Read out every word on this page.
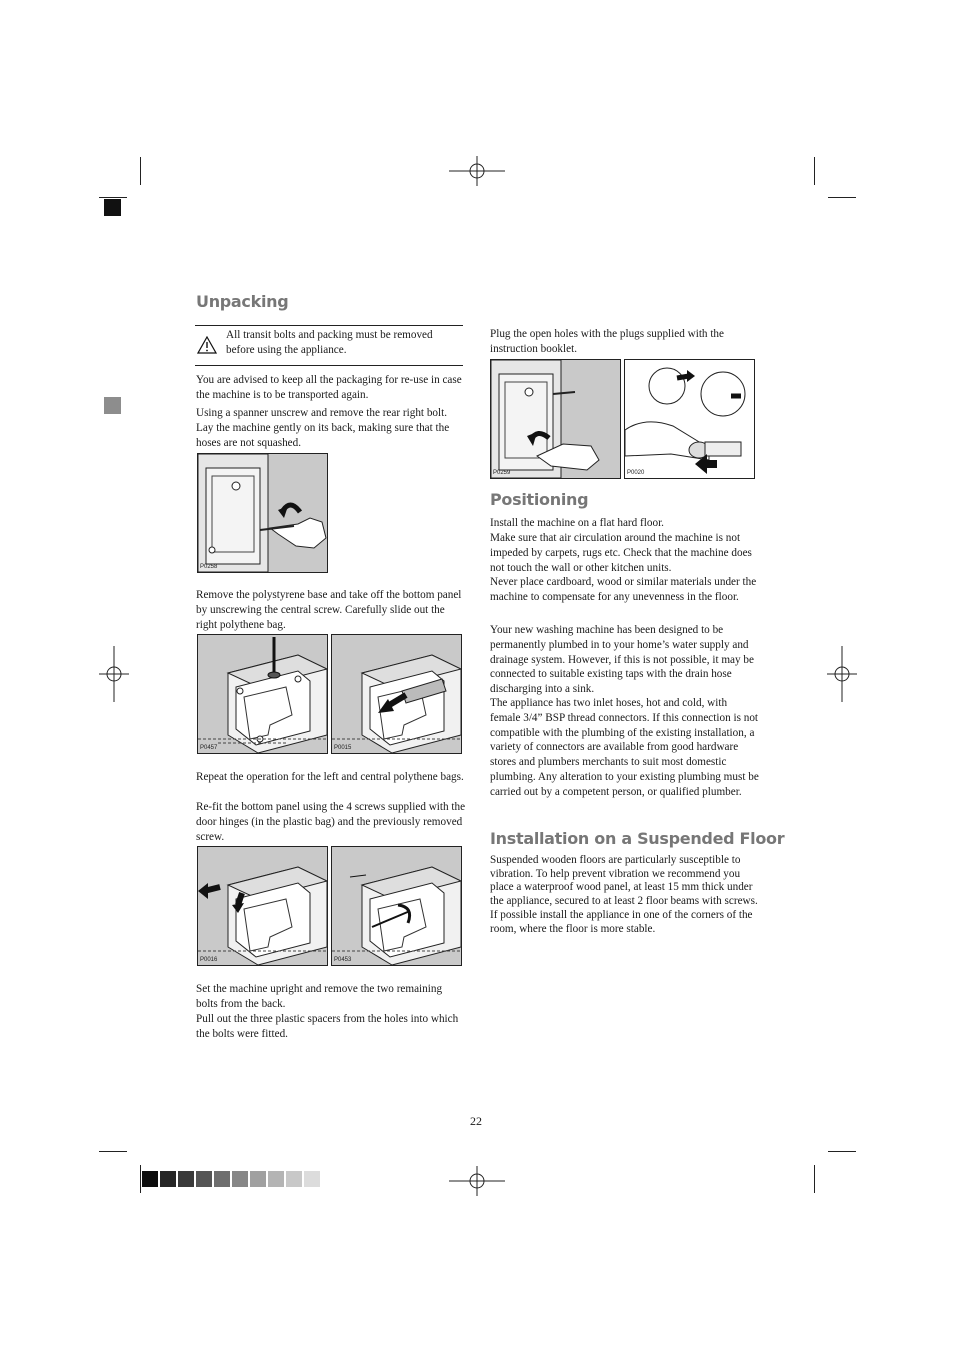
Unpacking
All transit bolts and packing must be removed before using the appliance.
You are advised to keep all the packaging for re-use in case the machine is to be transported again.
Using a spanner unscrew and remove the rear right bolt. Lay the machine gently on its back, making sure that the hoses are not squashed.
P0258
Remove the polystyrene base and take off the bottom panel by unscrewing the central screw. Carefully slide out the right polythene bag.
P0457	P0015
Repeat the operation for the left and central polythene bags.
Re-fit the bottom panel using the 4 screws supplied with the door hinges (in the plastic bag) and the previously removed screw.
P0016	P0453
Set the machine upright and remove the two remaining bolts from the back.
Pull out the three plastic spacers from the holes into which the bolts were fitted.
Plug the open holes with the plugs supplied with the instruction booklet.
P0259	P0020
Positioning
Install the machine on a flat hard floor.
Make sure that air circulation around the machine is not impeded by carpets, rugs etc. Check that the machine does not touch the wall or other kitchen units.
Never place cardboard, wood or similar materials under the machine to compensate for any unevenness in the floor.
Your new washing machine has been designed to be permanently plumbed in to your home’s water supply and drainage system. However, if this is not possible, it may be connected to suitable existing taps with the drain hose discharging into a sink.
The appliance has two inlet hoses, hot and cold, with female 3/4” BSP thread connectors. If this connection is not compatible with the plumbing of the existing installation, a variety of connectors are available from good hardware stores and plumbers merchants to suit most domestic plumbing. Any alteration to your existing plumbing must be carried out by a competent person, or qualified plumber.
Installation on a Suspended Floor
Suspended wooden floors are particularly susceptible to vibration. To help prevent vibration we recommend you place a waterproof wood panel, at least 15 mm thick under the appliance, secured to at least 2 floor beams with screws. If possible install the appliance in one of the corners of the room, where the floor is more stable.
22
